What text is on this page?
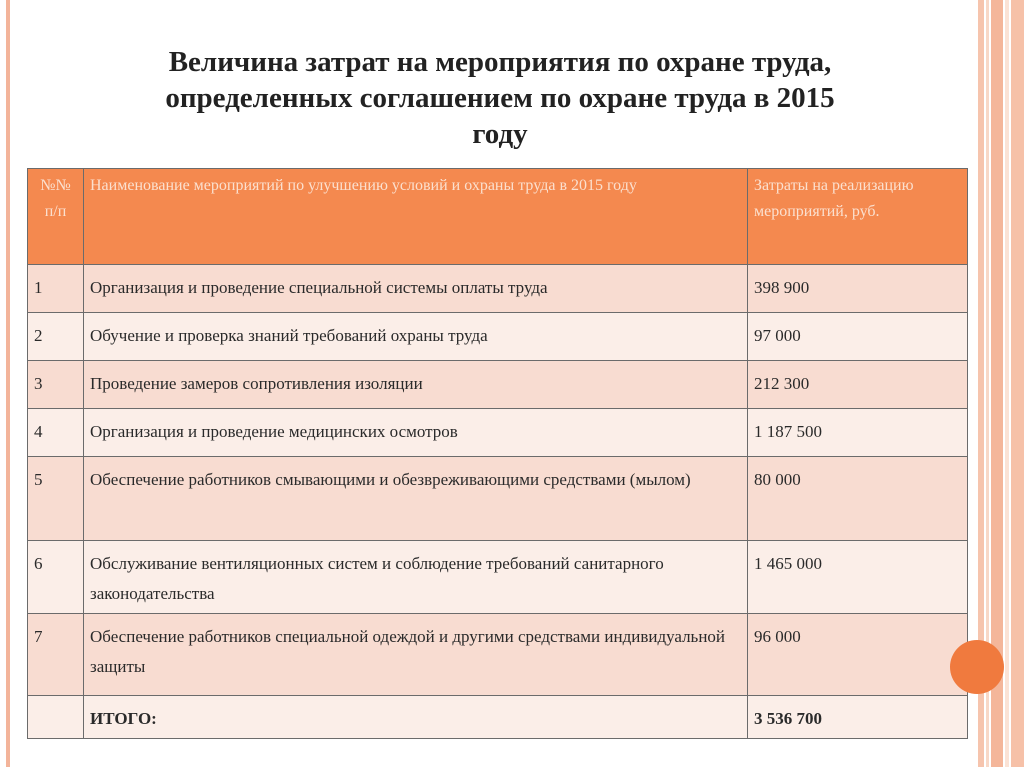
Величина затрат на мероприятия по охране труда,
определенных соглашением по охране труда в 2015
году
№№ п/п	Наименование мероприятий по улучшению условий и охраны труда в 2015 году	Затраты на реализацию мероприятий, руб.
1	Организация и проведение специальной системы оплаты труда	398 900
2	Обучение и проверка знаний требований охраны труда	97 000
3	Проведение замеров сопротивления изоляции	212 300
4	Организация и проведение медицинских осмотров	1 187 500
5	Обеспечение работников смывающими и обезвреживающими средствами (мылом)	80 000
6	Обслуживание вентиляционных систем и соблюдение требований санитарного законодательства	1 465 000
7	Обеспечение работников специальной одеждой и другими средствами индивидуальной защиты	96 000
	ИТОГО:	3 536 700
